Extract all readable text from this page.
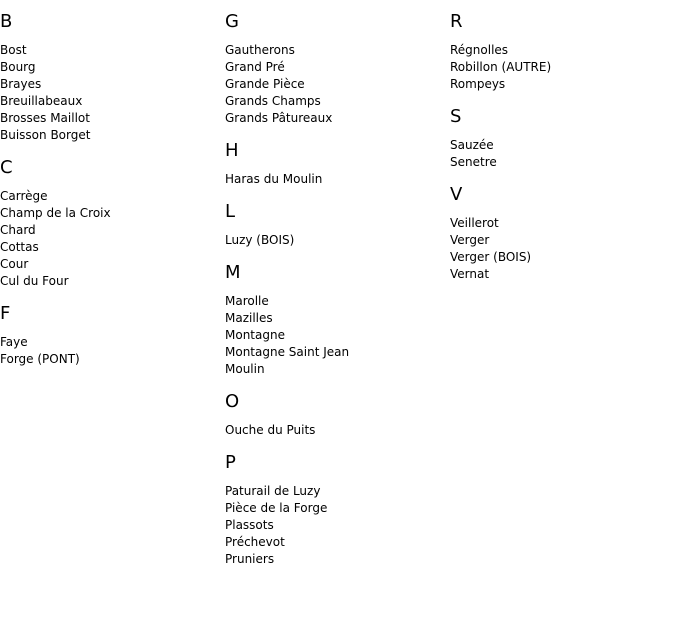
B
Bost
Bourg
Brayes
Breuillabeaux
Brosses Maillot
Buisson Borget
C
Carrège
Champ de la Croix
Chard
Cottas
Cour
Cul du Four
F
Faye
Forge (PONT)
G
Gautherons
Grand Pré
Grande Pièce
Grands Champs
Grands Pâtureaux
H
Haras du Moulin
L
Luzy (BOIS)
M
Marolle
Mazilles
Montagne
Montagne Saint Jean
Moulin
O
Ouche du Puits
P
Paturail de Luzy
Pièce de la Forge
Plassots
Préchevot
Pruniers
R
Régnolles
Robillon (AUTRE)
Rompeys
S
Sauzée
Senetre
V
Veillerot
Verger
Verger (BOIS)
Vernat
